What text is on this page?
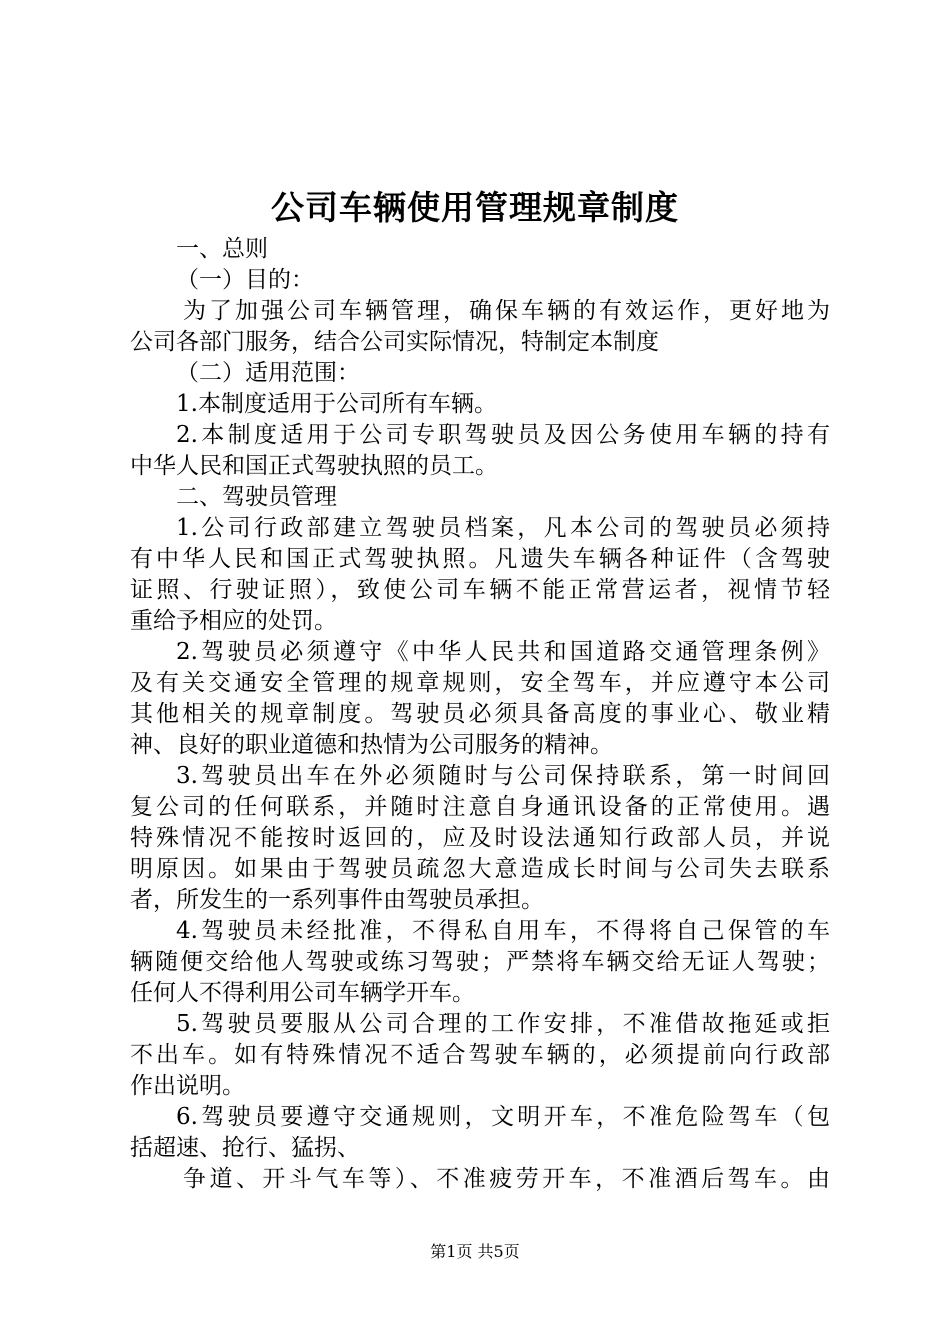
公司车辆使用管理规章制度
一、总则
（一）目的：
为了加强公司车辆管理，确保车辆的有效运作，更好地为
公司各部门服务，结合公司实际情况，特制定本制度
（二）适用范围：
1.本制度适用于公司所有车辆。
2.本制度适用于公司专职驾驶员及因公务使用车辆的持有
中华人民和国正式驾驶执照的员工。
二、驾驶员管理
1.公司行政部建立驾驶员档案，凡本公司的驾驶员必须持
有中华人民和国正式驾驶执照。凡遗失车辆各种证件（含驾驶
证照、行驶证照），致使公司车辆不能正常营运者，视情节轻
重给予相应的处罚。
2.驾驶员必须遵守《中华人民共和国道路交通管理条例》
及有关交通安全管理的规章规则，安全驾车，并应遵守本公司
其他相关的规章制度。驾驶员必须具备高度的事业心、敬业精
神、良好的职业道德和热情为公司服务的精神。
3.驾驶员出车在外必须随时与公司保持联系，第一时间回
复公司的任何联系，并随时注意自身通讯设备的正常使用。遇
特殊情况不能按时返回的，应及时设法通知行政部人员，并说
明原因。如果由于驾驶员疏忽大意造成长时间与公司失去联系
者，所发生的一系列事件由驾驶员承担。
4.驾驶员未经批准，不得私自用车，不得将自己保管的车
辆随便交给他人驾驶或练习驾驶；严禁将车辆交给无证人驾驶；
任何人不得利用公司车辆学开车。
5.驾驶员要服从公司合理的工作安排，不准借故拖延或拒
不出车。如有特殊情况不适合驾驶车辆的，必须提前向行政部
作出说明。
6.驾驶员要遵守交通规则，文明开车，不准危险驾车（包
括超速、抢行、猛拐、
争道、开斗气车等）、不准疲劳开车，不准酒后驾车。由
第1页 共5页
